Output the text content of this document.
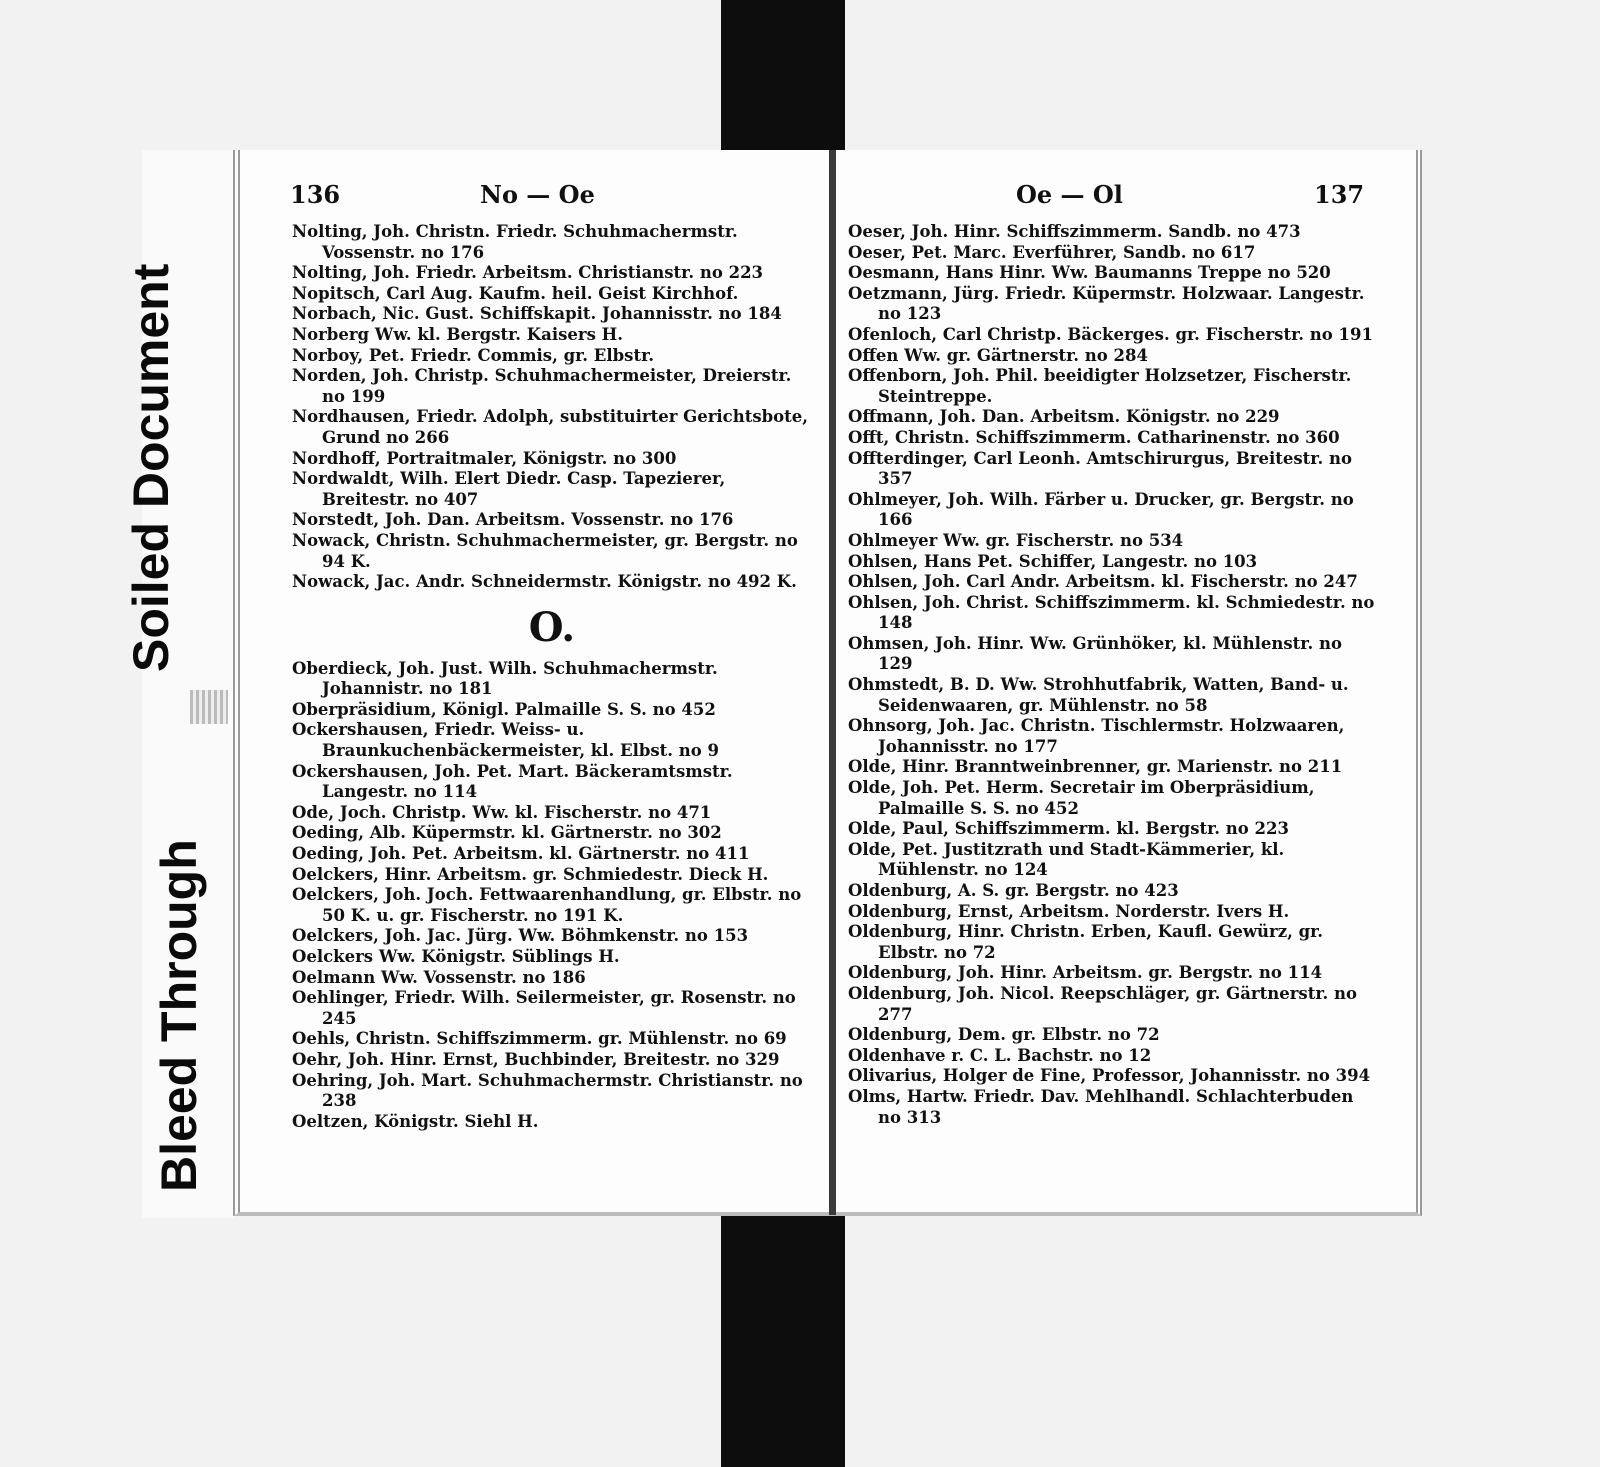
Bleed Through
Soiled Document
136	No — Oe

Nolting, Joh. Christn. Friedr. Schuhmachermstr. Vossenstr. no 176

Nolting, Joh. Friedr. Arbeitsm. Christianstr. no 223

Nopitsch, Carl Aug. Kaufm. heil. Geist Kirchhof.

Norbach, Nic. Gust. Schiffskapit. Johannisstr. no 184

Norberg Ww. kl. Bergstr. Kaisers H.

Norboy, Pet. Friedr. Commis, gr. Elbstr.

Norden, Joh. Christp. Schuhmachermeister, Dreierstr. no 199

Nordhausen, Friedr. Adolph, substituirter Gerichtsbote, Grund no 266

Nordhoff, Portraitmaler, Königstr. no 300

Nordwaldt, Wilh. Elert Diedr. Casp. Tapezierer, Breitestr. no 407

Norstedt, Joh. Dan. Arbeitsm. Vossenstr. no 176

Nowack, Christn. Schuhmachermeister, gr. Bergstr. no 94 K.

Nowack, Jac. Andr. Schneidermstr. Königstr. no 492 K.

O.

Oberdieck, Joh. Just. Wilh. Schuhmachermstr. Johannistr. no 181

Oberpräsidium, Königl. Palmaille S. S. no 452

Ockershausen, Friedr. Weiss- u. Braunkuchenbäckermeister, kl. Elbst. no 9

Ockershausen, Joh. Pet. Mart. Bäckeramtsmstr. Langestr. no 114

Ode, Joch. Christp. Ww. kl. Fischerstr. no 471

Oeding, Alb. Küpermstr. kl. Gärtnerstr. no 302

Oeding, Joh. Pet. Arbeitsm. kl. Gärtnerstr. no 411

Oelckers, Hinr. Arbeitsm. gr. Schmiedestr. Dieck H.

Oelckers, Joh. Joch. Fettwaarenhandlung, gr. Elbstr. no 50 K. u. gr. Fischerstr. no 191 K.

Oelckers, Joh. Jac. Jürg. Ww. Böhmkenstr. no 153

Oelckers Ww. Königstr. Süblings H.

Oelmann Ww. Vossenstr. no 186

Oehlinger, Friedr. Wilh. Seilermeister, gr. Rosenstr. no 245

Oehls, Christn. Schiffszimmerm. gr. Mühlenstr. no 69

Oehr, Joh. Hinr. Ernst, Buchbinder, Breitestr. no 329

Oehring, Joh. Mart. Schuhmachermstr. Christianstr. no 238

Oeltzen, Königstr. Siehl H.

Oe — Ol	137

Oeser, Joh. Hinr. Schiffszimmerm. Sandb. no 473

Oeser, Pet. Marc. Everführer, Sandb. no 617

Oesmann, Hans Hinr. Ww. Baumanns Treppe no 520

Oetzmann, Jürg. Friedr. Küpermstr. Holzwaar. Langestr. no 123

Ofenloch, Carl Christp. Bäckerges. gr. Fischerstr. no 191

Offen Ww. gr. Gärtnerstr. no 284

Offenborn, Joh. Phil. beeidigter Holzsetzer, Fischerstr. Steintreppe.

Offmann, Joh. Dan. Arbeitsm. Königstr. no 229

Offt, Christn. Schiffszimmerm. Catharinenstr. no 360

Offterdinger, Carl Leonh. Amtschirurgus, Breitestr. no 357

Ohlmeyer, Joh. Wilh. Färber u. Drucker, gr. Bergstr. no 166

Ohlmeyer Ww. gr. Fischerstr. no 534

Ohlsen, Hans Pet. Schiffer, Langestr. no 103

Ohlsen, Joh. Carl Andr. Arbeitsm. kl. Fischerstr. no 247

Ohlsen, Joh. Christ. Schiffszimmerm. kl. Schmiedestr. no 148

Ohmsen, Joh. Hinr. Ww. Grünhöker, kl. Mühlenstr. no 129

Ohmstedt, B. D. Ww. Strohhutfabrik, Watten, Band- u. Seidenwaaren, gr. Mühlenstr. no 58

Ohnsorg, Joh. Jac. Christn. Tischlermstr. Holzwaaren, Johannisstr. no 177

Olde, Hinr. Branntweinbrenner, gr. Marienstr. no 211

Olde, Joh. Pet. Herm. Secretair im Oberpräsidium, Palmaille S. S. no 452

Olde, Paul, Schiffszimmerm. kl. Bergstr. no 223

Olde, Pet. Justitzrath und Stadt-Kämmerier, kl. Mühlenstr. no 124

Oldenburg, A. S. gr. Bergstr. no 423

Oldenburg, Ernst, Arbeitsm. Norderstr. Ivers H.

Oldenburg, Hinr. Christn. Erben, Kaufl. Gewürz, gr. Elbstr. no 72

Oldenburg, Joh. Hinr. Arbeitsm. gr. Bergstr. no 114

Oldenburg, Joh. Nicol. Reepschläger, gr. Gärtnerstr. no 277

Oldenburg, Dem. gr. Elbstr. no 72

Oldenhave r. C. L. Bachstr. no 12

Olivarius, Holger de Fine, Professor, Johannisstr. no 394

Olms, Hartw. Friedr. Dav. Mehlhandl. Schlachterbuden no 313
